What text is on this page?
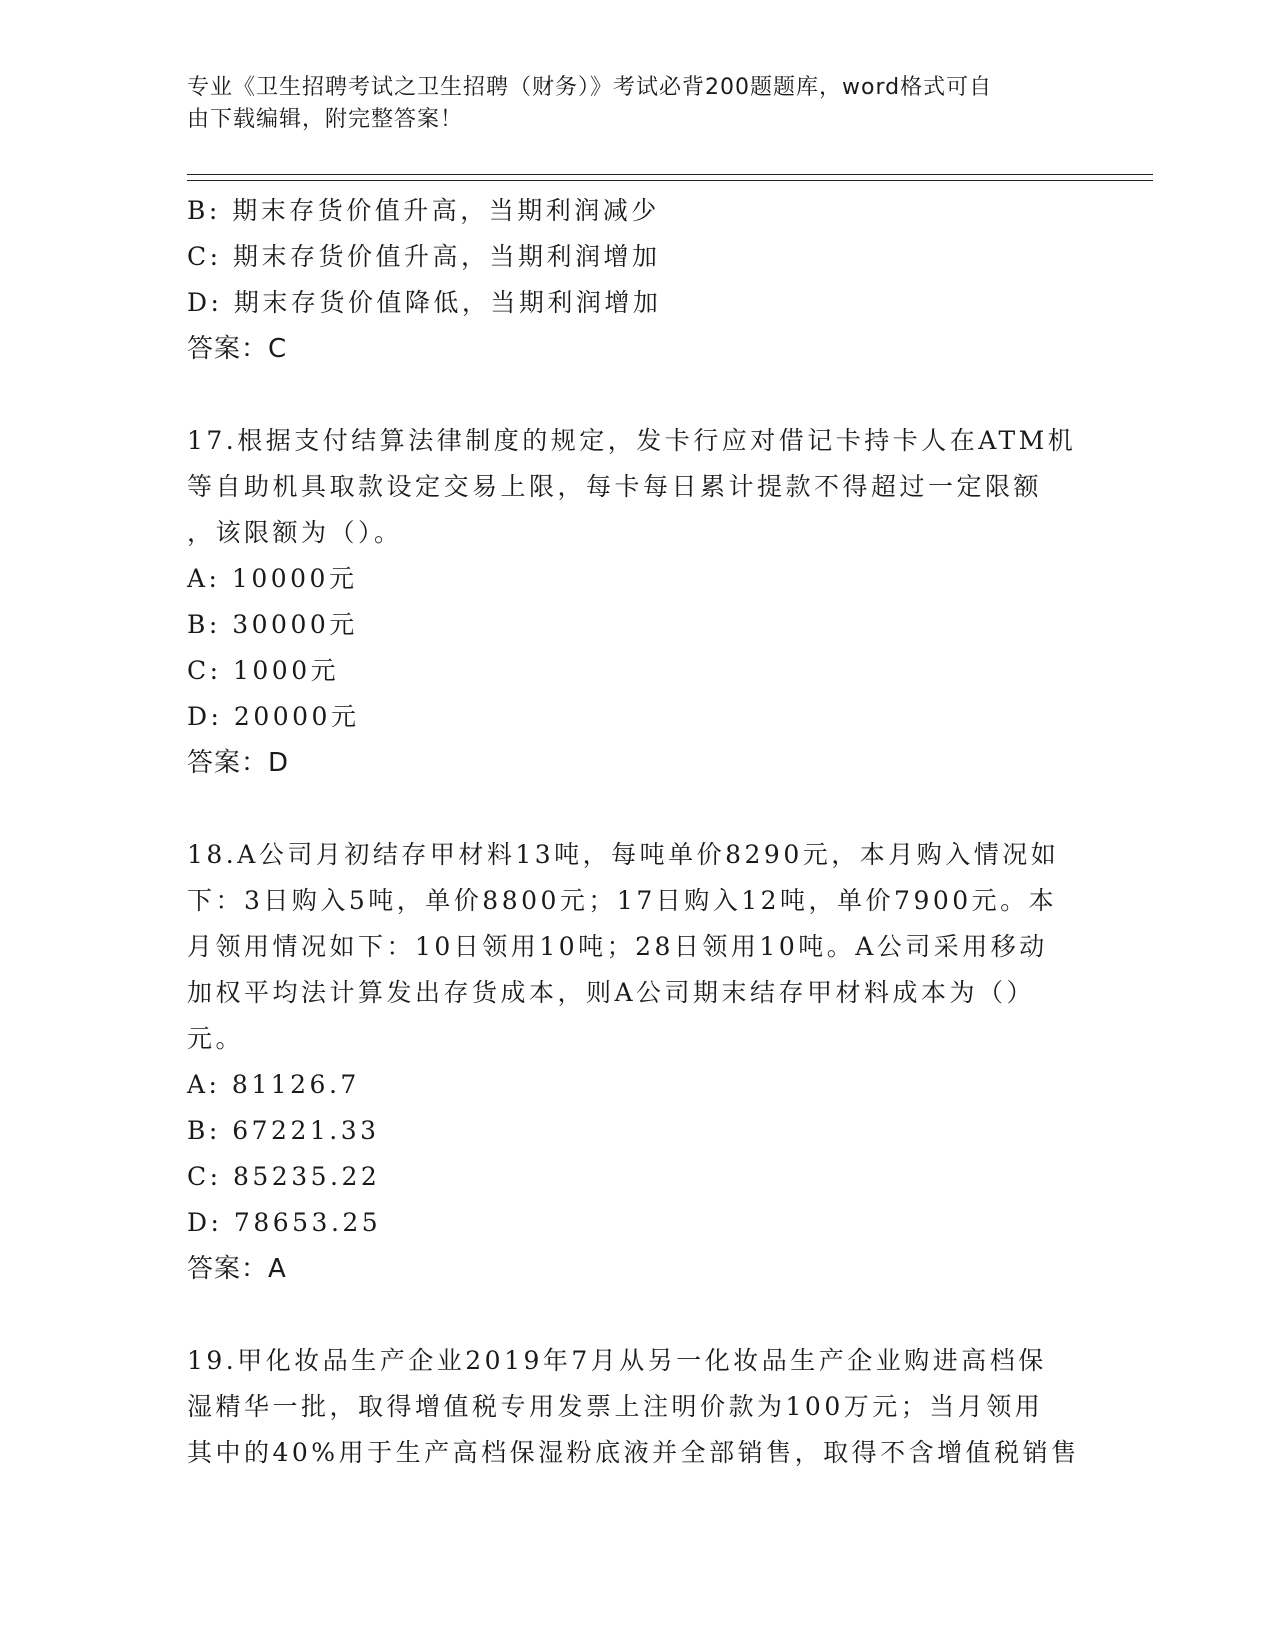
专业《卫生招聘考试之卫生招聘（财务）》考试必背200题题库，word格式可自
由下载编辑，附完整答案！
B: 期末存货价值升高，当期利润减少
C: 期末存货价值升高，当期利润增加
D: 期末存货价值降低，当期利润增加
答案：C
17.根据支付结算法律制度的规定，发卡行应对借记卡持卡人在ATM机
等自助机具取款设定交易上限，每卡每日累计提款不得超过一定限额
，该限额为（）。
A: 10000元
B: 30000元
C: 1000元
D: 20000元
答案：D
18.A公司月初结存甲材料13吨，每吨单价8290元，本月购入情况如
下：3日购入5吨，单价8800元；17日购入12吨，单价7900元。本
月领用情况如下：10日领用10吨；28日领用10吨。A公司采用移动
加权平均法计算发出存货成本，则A公司期末结存甲材料成本为（）
元。
A: 81126.7
B: 67221.33
C: 85235.22
D: 78653.25
答案：A
19.甲化妆品生产企业2019年7月从另一化妆品生产企业购进高档保
湿精华一批，取得增值税专用发票上注明价款为100万元；当月领用
其中的40%用于生产高档保湿粉底液并全部销售，取得不含增值税销售
